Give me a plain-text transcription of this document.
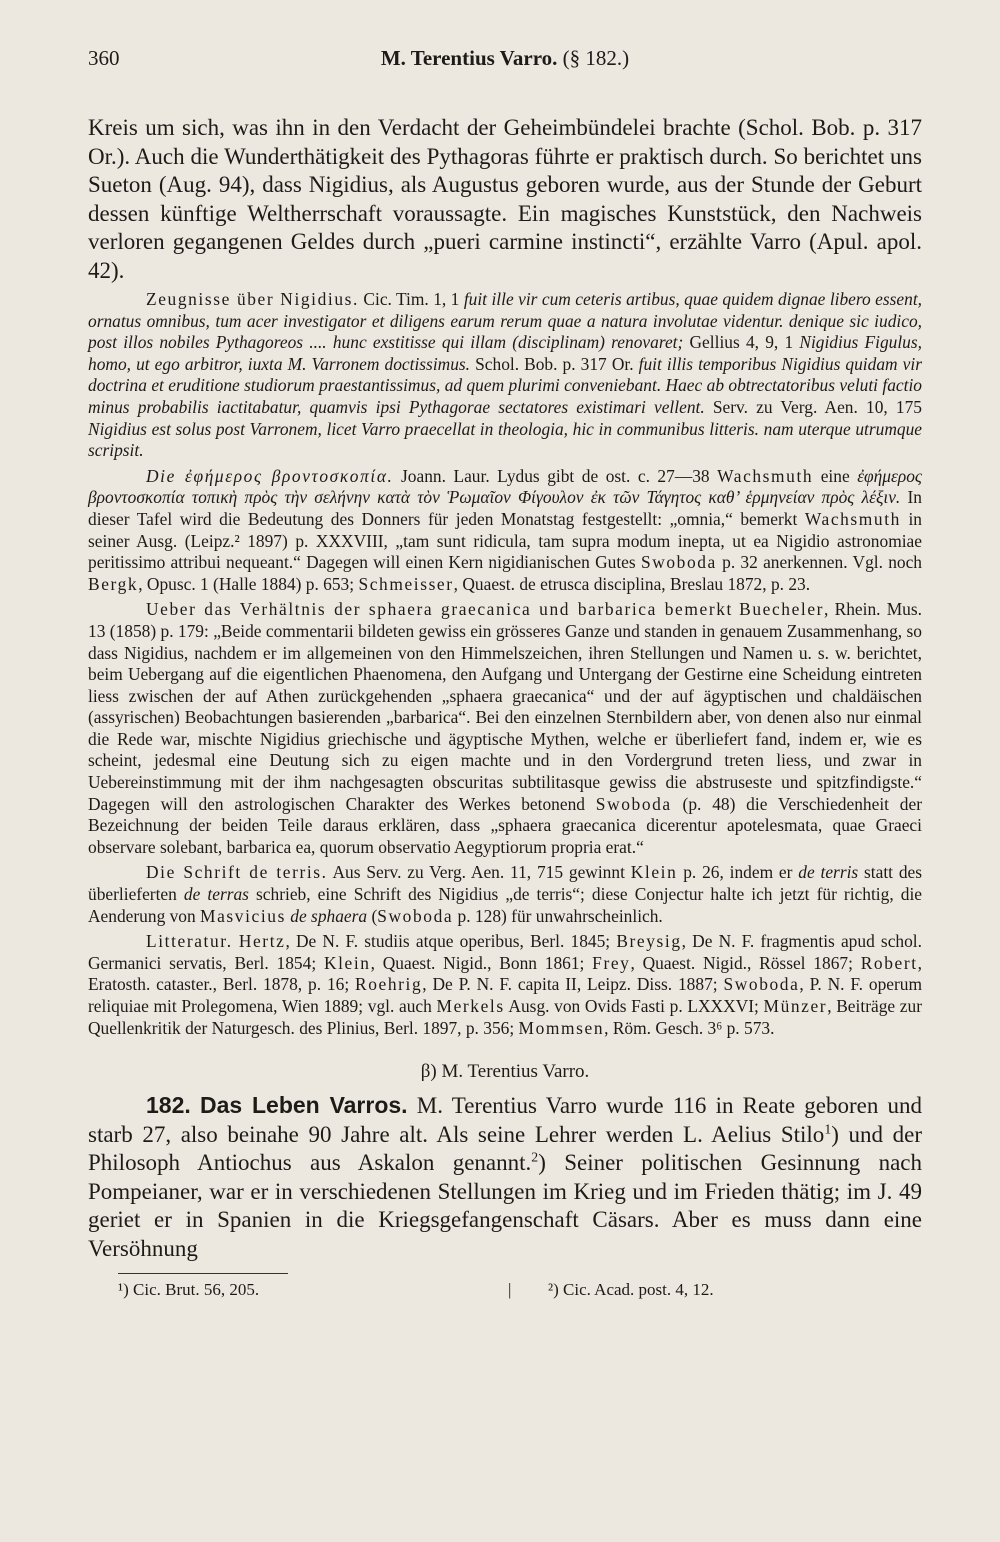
360	M. Terentius Varro. (§ 182.)

Kreis um sich, was ihn in den Verdacht der Geheimbündelei brachte (Schol. Bob. p. 317 Or.). Auch die Wunderthätigkeit des Pythagoras führte er praktisch durch. So berichtet uns Sueton (Aug. 94), dass Nigidius, als Augustus geboren wurde, aus der Stunde der Geburt dessen künftige Weltherrschaft voraussagte. Ein magisches Kunststück, den Nachweis verloren gegangenen Geldes durch „pueri carmine instincti“, erzählte Varro (Apul. apol. 42).

Zeugnisse über Nigidius. Cic. Tim. 1, 1 fuit ille vir cum ceteris artibus, quae quidem dignae libero essent, ornatus omnibus, tum acer investigator et diligens earum rerum quae a natura involutae videntur. denique sic iudico, post illos nobiles Pythagoreos .... hunc exstitisse qui illam (disciplinam) renovaret; Gellius 4, 9, 1 Nigidius Figulus, homo, ut ego arbitror, iuxta M. Varronem doctissimus. Schol. Bob. p. 317 Or. fuit illis temporibus Nigidius quidam vir doctrina et eruditione studiorum praestantissimus, ad quem plurimi conveniebant. Haec ab obtrectatoribus veluti factio minus probabilis iactitabatur, quamvis ipsi Pythagorae sectatores existimari vellent. Serv. zu Verg. Aen. 10, 175 Nigidius est solus post Varronem, licet Varro praecellat in theologia, hic in communibus litteris. nam uterque utrumque scripsit.

Die ἐφήμερος βροντοσκοπία. Joann. Laur. Lydus gibt de ost. c. 27—38 Wachsmuth eine ἐφήμερος βροντοσκοπία τοπικὴ πρὸς τὴν σελήνην κατὰ τὸν Ῥωμαῖον Φίγουλον ἐκ τῶν Τάγητος καθ’ ἑρμηνείαν πρὸς λέξιν. In dieser Tafel wird die Bedeutung des Donners für jeden Monatstag festgestellt: „omnia,“ bemerkt Wachsmuth in seiner Ausg. (Leipz.² 1897) p. XXXVIII, „tam sunt ridicula, tam supra modum inepta, ut ea Nigidio astronomiae peritissimo attribui nequeant.“ Dagegen will einen Kern nigidianischen Gutes Swoboda p. 32 anerkennen. Vgl. noch Bergk, Opusc. 1 (Halle 1884) p. 653; Schmeisser, Quaest. de etrusca disciplina, Breslau 1872, p. 23.

Ueber das Verhältnis der sphaera graecanica und barbarica bemerkt Buecheler, Rhein. Mus. 13 (1858) p. 179: „Beide commentarii bildeten gewiss ein grösseres Ganze und standen in genauem Zusammenhang, so dass Nigidius, nachdem er im allgemeinen von den Himmelszeichen, ihren Stellungen und Namen u. s. w. berichtet, beim Uebergang auf die eigentlichen Phaenomena, den Aufgang und Untergang der Gestirne eine Scheidung eintreten liess zwischen der auf Athen zurückgehenden „sphaera graecanica“ und der auf ägyptischen und chaldäischen (assyrischen) Beobachtungen basierenden „barbarica“. Bei den einzelnen Sternbildern aber, von denen also nur einmal die Rede war, mischte Nigidius griechische und ägyptische Mythen, welche er überliefert fand, indem er, wie es scheint, jedesmal eine Deutung sich zu eigen machte und in den Vordergrund treten liess, und zwar in Uebereinstimmung mit der ihm nachgesagten obscuritas subtilitasque gewiss die abstruseste und spitzfindigste.“ Dagegen will den astrologischen Charakter des Werkes betonend Swoboda (p. 48) die Verschiedenheit der Bezeichnung der beiden Teile daraus erklären, dass „sphaera graecanica dicerentur apotelesmata, quae Graeci observare solebant, barbarica ea, quorum observatio Aegyptiorum propria erat.“

Die Schrift de terris. Aus Serv. zu Verg. Aen. 11, 715 gewinnt Klein p. 26, indem er de terris statt des überlieferten de terras schrieb, eine Schrift des Nigidius „de terris“; diese Conjectur halte ich jetzt für richtig, die Aenderung von Masvicius de sphaera (Swoboda p. 128) für unwahrscheinlich.

Litteratur. Hertz, De N. F. studiis atque operibus, Berl. 1845; Breysig, De N. F. fragmentis apud schol. Germanici servatis, Berl. 1854; Klein, Quaest. Nigid., Bonn 1861; Frey, Quaest. Nigid., Rössel 1867; Robert, Eratosth. cataster., Berl. 1878, p. 16; Roehrig, De P. N. F. capita II, Leipz. Diss. 1887; Swoboda, P. N. F. operum reliquiae mit Prolegomena, Wien 1889; vgl. auch Merkels Ausg. von Ovids Fasti p. LXXXVI; Münzer, Beiträge zur Quellenkritik der Naturgesch. des Plinius, Berl. 1897, p. 356; Mommsen, Röm. Gesch. 3⁶ p. 573.

β) M. Terentius Varro.

182. Das Leben Varros. M. Terentius Varro wurde 116 in Reate geboren und starb 27, also beinahe 90 Jahre alt. Als seine Lehrer werden L. Aelius Stilo$^1$) und der Philosoph Antiochus aus Askalon genannt.$^2$) Seiner politischen Gesinnung nach Pompeianer, war er in verschiedenen Stellungen im Krieg und im Frieden thätig; im J. 49 geriet er in Spanien in die Kriegsgefangenschaft Cäsars. Aber es muss dann eine Versöhnung

¹) Cic. Brut. 56, 205.	| ²) Cic. Acad. post. 4, 12.
